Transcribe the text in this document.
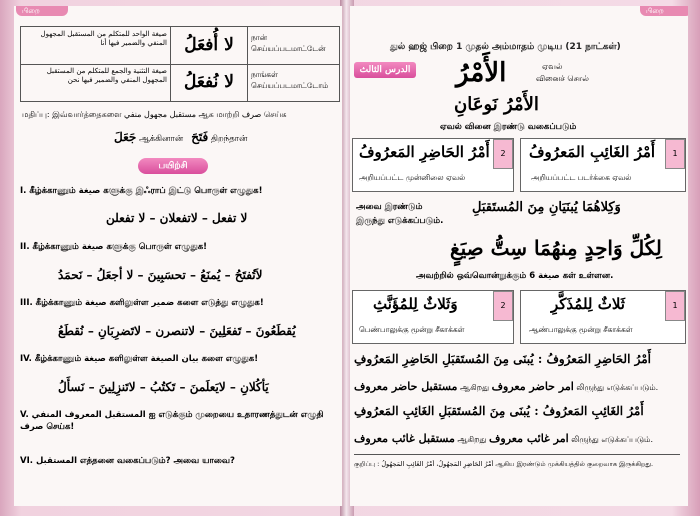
பிறை
صيغة الواحد للمتكلم من المستقبل المجهول المنفي والضمير فيها أنا	لا أُفعَلُ	நான் செய்யப்படமாட்டேன்
صيغة التثنية والجمع للمتكلم من المستقبل المجهول المنفي والضمير فيها نحن لا نُفعَلُ	நாங்கள் செய்யப்படமாட்டோம்
மதிப்பு: இவ்வார்த்தைகளை مستقبل مجهول منفي ஆக மாற்றி صرف செய்க
جَعَلَ ஆக்கினான் فَتَحَ திறந்தான்
பயிற்சி
I. கீழ்க்காணும் صيغة களுக்கு இஃராப் இட்டு பொருள் எழுதுக!
لا تفعل – لاتفعلان – لا تفعلن
II. கீழ்க்காணும் صيغة களுக்கு பொருள் எழுதுக!
لاَتُفتَحُ – يُمنَعُ – تحسَبِينَ – لا أجعَلُ – نَحمَدُ
III. கீழ்க்காணும் صيغة களிலுள்ள ضمير களை எடுத்து எழுதுக!
يُقطَعُونَ – تَفعَلِينَ – لاتنصرن – لاتَضرِبَانِ – نُقطَعُ
IV. கீழ்க்காணும் صيغة களிலுள்ள بيان الصيغة களை எழுதுக!
يَأكُلانِ – لايَعلَمنَ – تَكتُبُ – لاتَنزِلِينَ – نَسأَلُ
V. المستقبل المعروف المنفي ஐ எடுக்கும் முறையை உதாரணத்துடன் எழுதி صرف செய்க!
VI. المستقبل எத்தனை வகைப்படும்? அவை யாவை?
பிறை
துல் ஹஜ் பிறை 1 முதல் அம்மாதம் முடிய (21 நாட்கள்)
الدرس الثالث الأَمْرُ	ஏவல்
வினைச் சொல்
الأَمْرُ نَوعَانِ
ஏவல் வினை இரண்டு வகைப்படும்
2
أَمْرُ الحَاضِرِ المَعرُوفُ
அறியப்பட்ட முன்னிலை ஏவல்
1
أَمْرُ الغَائِبِ المَعرُوفُ
அறியப்பட்ட படர்க்கை ஏவல்
அவை இரண்டும்	وَكِلاهُمَا يُبنَيَانِ مِنَ المُستَقبَلِ
இருந்து எடுக்கப்படும்.
لِكُلِّ وَاحِدٍ مِنهُمَا سِتُّ صِيَغٍ
அவற்றில் ஒவ்வொன்றுக்கும் 6 صيغة கள் உள்ளன.
2
وَثَلاثٌ لِلمُؤَنَّثِ
பெண்பாலுக்கு மூன்று சீகாக்கள்
1
ثَلاثٌ لِلمُذَكَّرِ
ஆண்பாலுக்கு மூன்று சீகாக்கள்
أَمْرُ الحَاضِرِ المَعرُوفُ : يُبنَى مِنَ المُستَقبَلِ الحَاضِرِ المَعرُوفِ
مستقبل حاضر معروف ஆகிறது امر حاضر معروف லிருந்து எடுக்கப்படும்.
أَمْرُ الغَائِبِ المَعرُوفُ : يُبنَى مِنَ المُستَقبَلِ الغَائِبِ المَعرُوفِ
مستقبل غائب معروف ஆகிறது امر غائب معروف லிருந்து எடுக்கப்படும்.
குறிப்பு : أَمْرُ الحَاضِرِ المَجهُولُ، أَمْرُ الغَائِبِ المَجهُولُ ஆகிய இரண்டும் முக்கியத்தில் குறைவாக இருக்கிறது.
